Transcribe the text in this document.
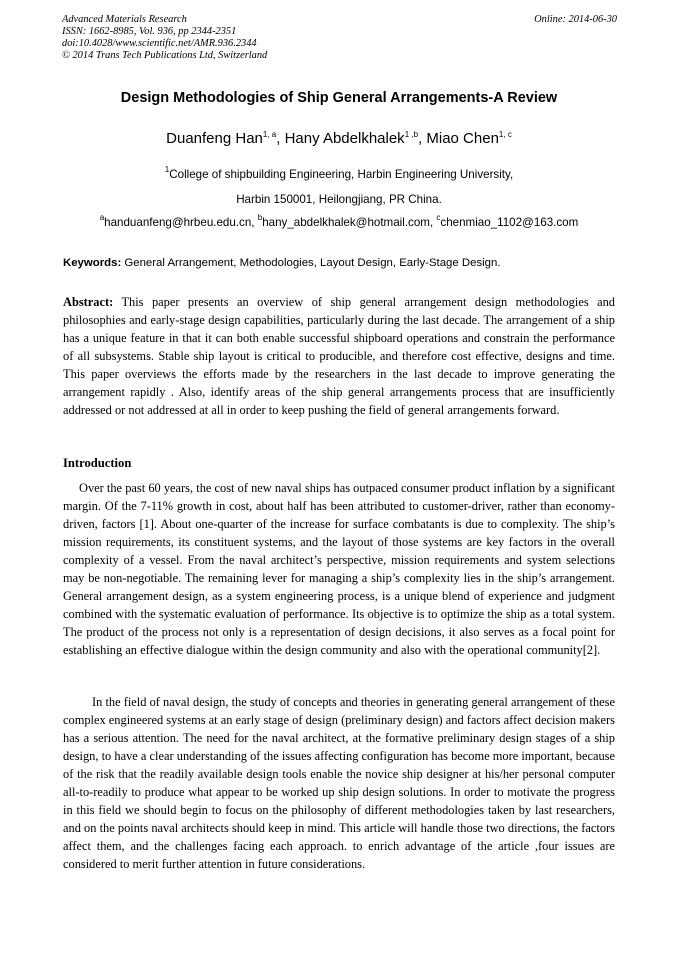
Advanced Materials Research
ISSN: 1662-8985, Vol. 936, pp 2344-2351
doi:10.4028/www.scientific.net/AMR.936.2344
© 2014 Trans Tech Publications Ltd, Switzerland
Online: 2014-06-30
Design Methodologies of Ship General Arrangements-A Review
Duanfeng Han$^{1, a}$, Hany Abdelkhalek$^{1 ,b}$, Miao Chen$^{1, c}$
$^1$College of shipbuilding Engineering, Harbin Engineering University,
Harbin 150001, Heilongjiang, PR China.
$^a$handuanfeng@hrbeu.edu.cn, $^b$hany_abdelkhalek@hotmail.com, $^c$chenmiao_1102@163.com
Keywords: General Arrangement, Methodologies, Layout Design, Early-Stage Design.
Abstract: This paper presents an overview of ship general arrangement design methodologies and philosophies and early-stage design capabilities, particularly during the last decade. The arrangement of a ship has a unique feature in that it can both enable successful shipboard operations and constrain the performance of all subsystems. Stable ship layout is critical to producible, and therefore cost effective, designs and time. This paper overviews the efforts made by the researchers in the last decade to improve generating the arrangement rapidly . Also, identify areas of the ship general arrangements process that are insufficiently addressed or not addressed at all in order to keep pushing the field of general arrangements forward.
Introduction
Over the past 60 years, the cost of new naval ships has outpaced consumer product inflation by a significant margin. Of the 7-11% growth in cost, about half has been attributed to customer-driver, rather than economy-driven, factors [1]. About one-quarter of the increase for surface combatants is due to complexity. The ship’s mission requirements, its constituent systems, and the layout of those systems are key factors in the overall complexity of a vessel. From the naval architect’s perspective, mission requirements and system selections may be non-negotiable. The remaining lever for managing a ship’s complexity lies in the ship’s arrangement. General arrangement design, as a system engineering process, is a unique blend of experience and judgment combined with the systematic evaluation of performance. Its objective is to optimize the ship as a total system. The product of the process not only is a representation of design decisions, it also serves as a focal point for establishing an effective dialogue within the design community and also with the operational community[2].
In the field of naval design, the study of concepts and theories in generating general arrangement of these complex engineered systems at an early stage of design (preliminary design) and factors affect decision makers has a serious attention. The need for the naval architect, at the formative preliminary design stages of a ship design, to have a clear understanding of the issues affecting configuration has become more important, because of the risk that the readily available design tools enable the novice ship designer at his/her personal computer all-to-readily to produce what appear to be worked up ship design solutions. In order to motivate the progress in this field we should begin to focus on the philosophy of different methodologies taken by last researchers, and on the points naval architects should keep in mind. This article will handle those two directions, the factors affect them, and the challenges facing each approach. to enrich advantage of the article ,four issues are considered to merit further attention in future considerations.
